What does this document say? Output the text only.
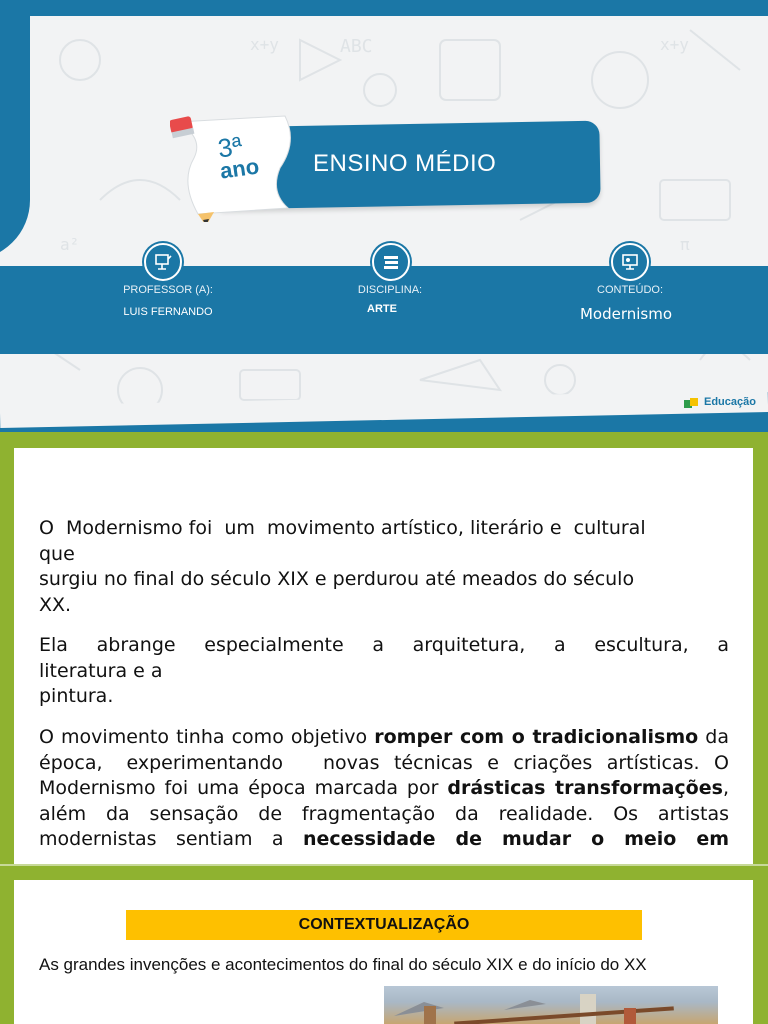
ABC
x+y	x+y
a²	π
ENSINO MÉDIO
3ª
ano
PROFESSOR (A):
LUIS FERNANDO
DISCIPLINA:
ARTE
CONTEÚDO:
Modernismo
Educação
O  Modernismo foi  um  movimento artístico, literário e  cultural
que
surgiu no final do século XIX e perdurou até meados do século
XX.
Ela abrange especialmente a arquitetura, a escultura, a
literatura e a
pintura.
O movimento tinha como objetivo romper com o tradicionalismo da época, experimentando novas técnicas e criações artísticas. O Modernismo foi uma época marcada por drásticas transformações, além da sensação de fragmentação da realidade. Os artistas modernistas sentiam a necessidade de mudar o meio em
CONTEXTUALIZAÇÃO
As grandes invenções e acontecimentos do final do século XIX e do início do XX
